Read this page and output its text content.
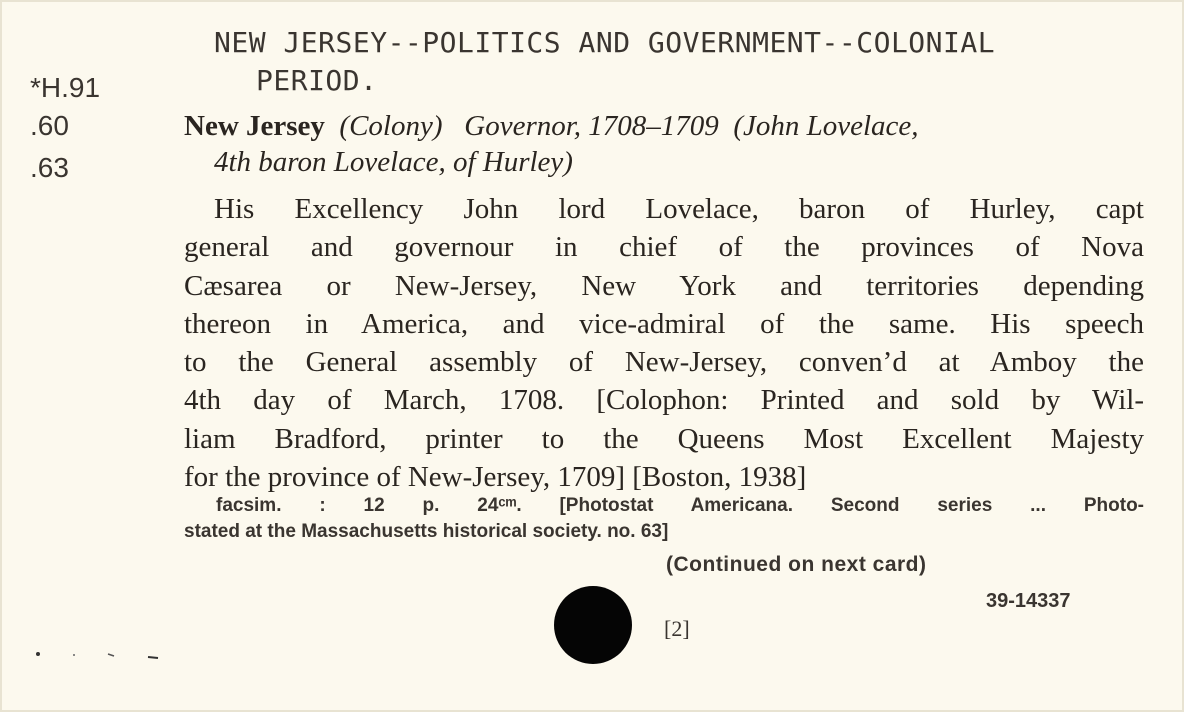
NEW JERSEY--POLITICS AND GOVERNMENT--COLONIAL
PERIOD.
*H.91
.60
.63
New Jersey (Colony) Governor, 1708–1709 (John Lovelace,
4th baron Lovelace, of Hurley)
His Excellency John lord Lovelace, baron of Hurley, capt
general and governour in chief of the provinces of Nova
Cæsarea or New-Jersey, New York and territories depending
thereon in America, and vice-admiral of the same. His speech
to the General assembly of New-Jersey, conven’d at Amboy the
4th day of March, 1708. [Colophon: Printed and sold by Wil-
liam Bradford, printer to the Queens Most Excellent Majesty
for the province of New-Jersey, 1709] [Boston, 1938]
facsim. : 12 p. 24ᶜᵐ. [Photostat Americana. Second series ... Photo-
stated at the Massachusetts historical society. no. 63]
(Continued on next card)
39-14337
[2]
